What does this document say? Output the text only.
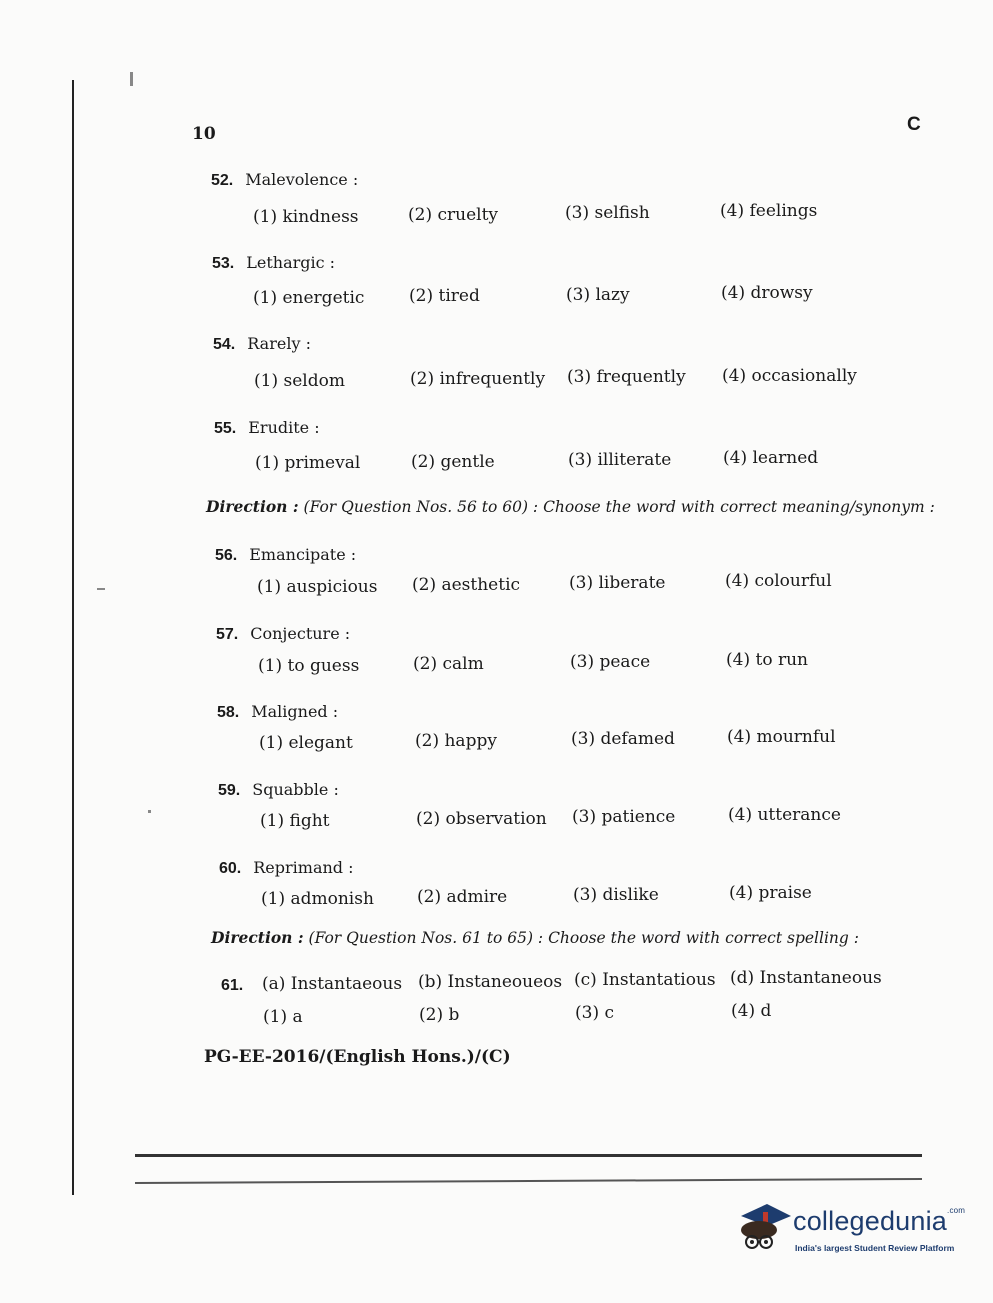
10	C
52. Malevolence :
(1) kindness	(2) cruelty	(3) selfish	(4) feelings
53. Lethargic :
(1) energetic	(2) tired	(3) lazy	(4) drowsy
54. Rarely :
(1) seldom	(2) infrequently (3) frequently (4) occasionally
55. Erudite :
(1) primeval	(2) gentle	(3) illiterate	(4) learned
Direction : (For Question Nos. 56 to 60) : Choose the word with correct meaning/synonym :
56. Emancipate :
(1) auspicious (2) aesthetic	(3) liberate	(4) colourful
57. Conjecture :
(1) to guess	(2) calm	(3) peace	(4) to run
58. Maligned :
(1) elegant	(2) happy	(3) defamed	(4) mournful
59. Squabble :
(1) fight	(2) observation (3) patience	(4) utterance
60. Reprimand :
(1) admonish	(2) admire	(3) dislike	(4) praise
Direction : (For Question Nos. 61 to 65) : Choose the word with correct spelling :
61.	(a) Instantaeous (b) Instaneoueos (c) Instantatious (d) Instantaneous
(1) a	(2) b	(3) c	(4) d
PG-EE-2016/(English Hons.)/(C)
collegedunia$^{.com}$
India's largest Student Review Platform
